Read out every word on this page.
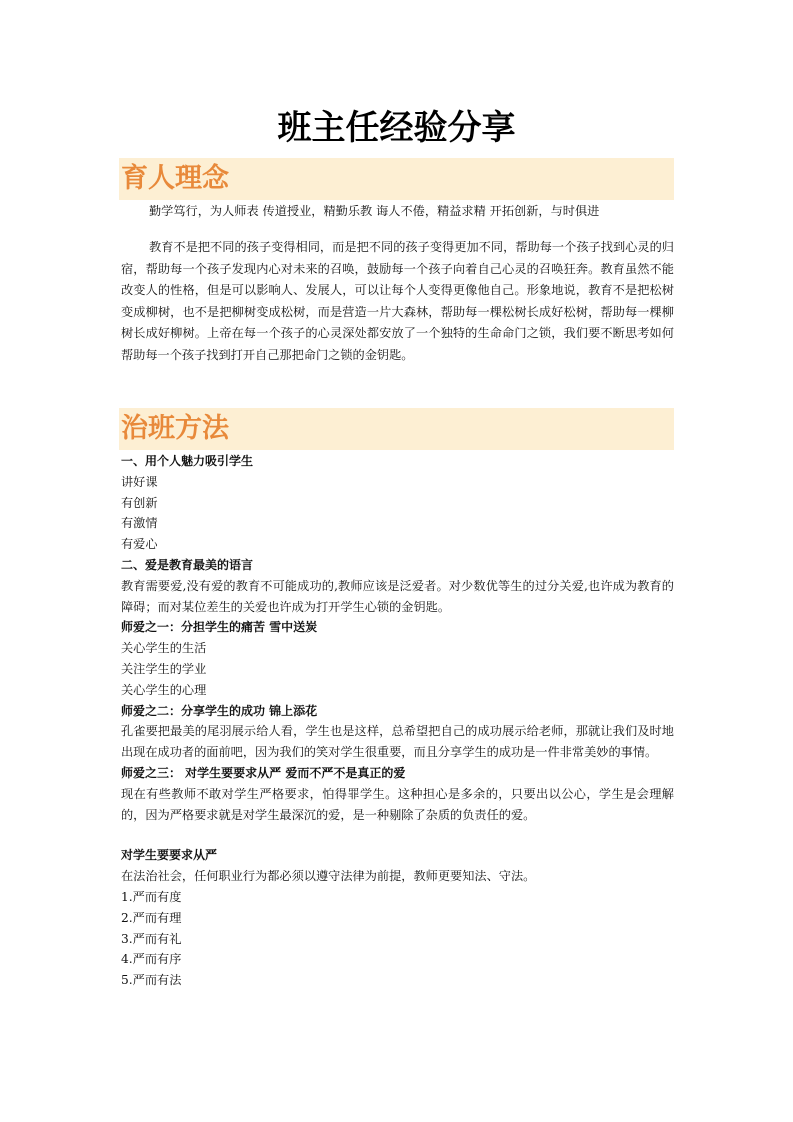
班主任经验分享
育人理念

勤学笃行，为人师表 传道授业，精勤乐教 诲人不倦，精益求精 开拓创新，与时俱进

教育不是把不同的孩子变得相同，而是把不同的孩子变得更加不同，帮助每一个孩子找到心灵的归宿，帮助每一个孩子发现内心对未来的召唤，鼓励每一个孩子向着自己心灵的召唤狂奔。教育虽然不能改变人的性格，但是可以影响人、发展人，可以让每个人变得更像他自己。形象地说，教育不是把松树变成柳树，也不是把柳树变成松树，而是营造一片大森林，帮助每一棵松树长成好松树，帮助每一棵柳树长成好柳树。上帝在每一个孩子的心灵深处都安放了一个独特的生命命门之锁，我们要不断思考如何帮助每一个孩子找到打开自己那把命门之锁的金钥匙。

治班方法
一、用个人魅力吸引学生
讲好课
有创新
有激情
有爱心
二、爱是教育最美的语言
教育需要爱,没有爱的教育不可能成功的,教师应该是泛爱者。对少数优等生的过分关爱,也许成为教育的障碍；而对某位差生的关爱也许成为打开学生心锁的金钥匙。
师爱之一：分担学生的痛苦 雪中送炭
关心学生的生活
关注学生的学业
关心学生的心理
师爱之二：分享学生的成功 锦上添花
孔雀要把最美的尾羽展示给人看，学生也是这样，总希望把自己的成功展示给老师，那就让我们及时地出现在成功者的面前吧，因为我们的笑对学生很重要，而且分享学生的成功是一件非常美妙的事情。
师爱之三： 对学生要要求从严 爱而不严不是真正的爱
现在有些教师不敢对学生严格要求，怕得罪学生。这种担心是多余的，只要出以公心，学生是会理解的，因为严格要求就是对学生最深沉的爱，是一种剔除了杂质的负责任的爱。
对学生要要求从严
在法治社会，任何职业行为都必须以遵守法律为前提，教师更要知法、守法。
1.严而有度
2.严而有理
3.严而有礼
4.严而有序
5.严而有法
